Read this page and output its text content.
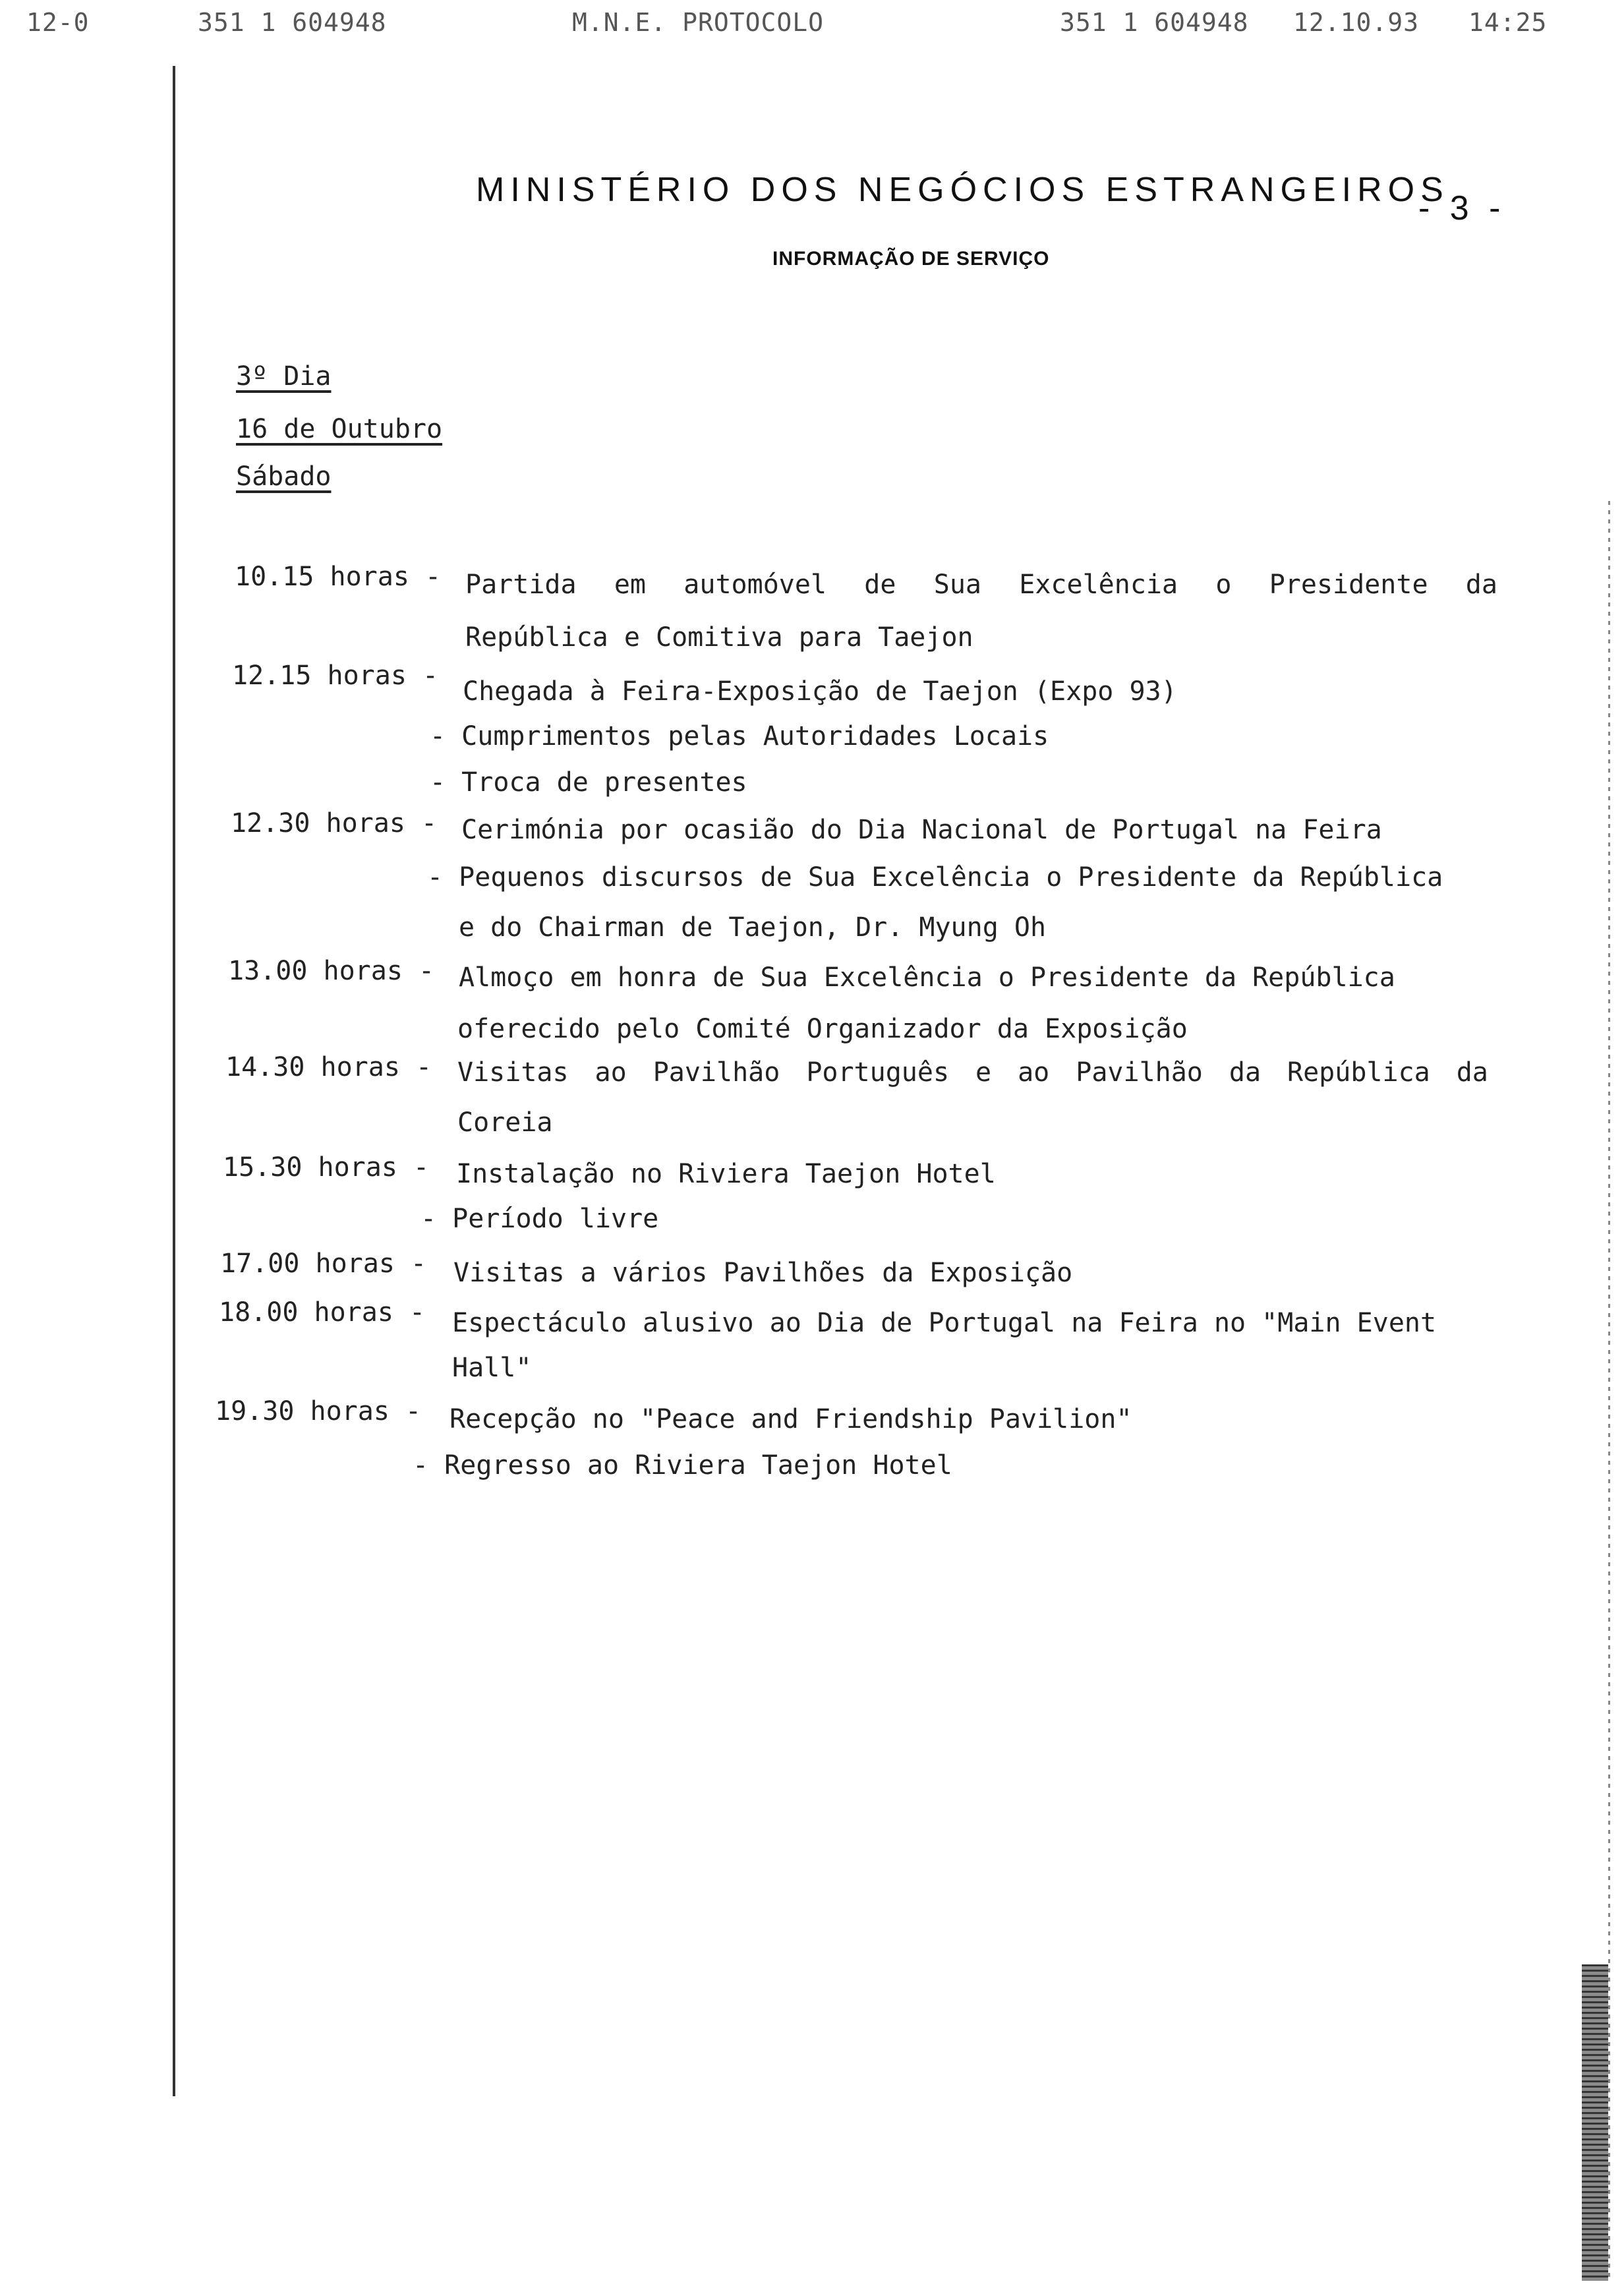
12-0	351 1 604948	M.N.E. PROTOCOLO	351 1 604948 12.10.93 14:25
MINISTÉRIO DOS NEGÓCIOS ESTRANGEIROS
- 3 -
INFORMAÇÃO DE SERVIÇO
3º Dia
16 de Outubro
Sábado
10.15 horas - Partida em automóvel de Sua Excelência o Presidente da
República e Comitiva para Taejon
12.15 horas -
Chegada à Feira-Exposição de Taejon (Expo 93)
- Cumprimentos pelas Autoridades Locais
- Troca de presentes
12.30 horas - Cerimónia por ocasião do Dia Nacional de Portugal na Feira
- Pequenos discursos de Sua Excelência o Presidente da República
e do Chairman de Taejon, Dr. Myung Oh
13.00 horas - Almoço em honra de Sua Excelência o Presidente da República
oferecido pelo Comité Organizador da Exposição
14.30 horas - Visitas ao Pavilhão Português e ao Pavilhão da República da
Coreia
15.30 horas - Instalação no Riviera Taejon Hotel
- Período livre
17.00 horas - Visitas a vários Pavilhões da Exposição
18.00 horas - Espectáculo alusivo ao Dia de Portugal na Feira no "Main Event
Hall"
19.30 horas - Recepção no "Peace and Friendship Pavilion"
- Regresso ao Riviera Taejon Hotel
